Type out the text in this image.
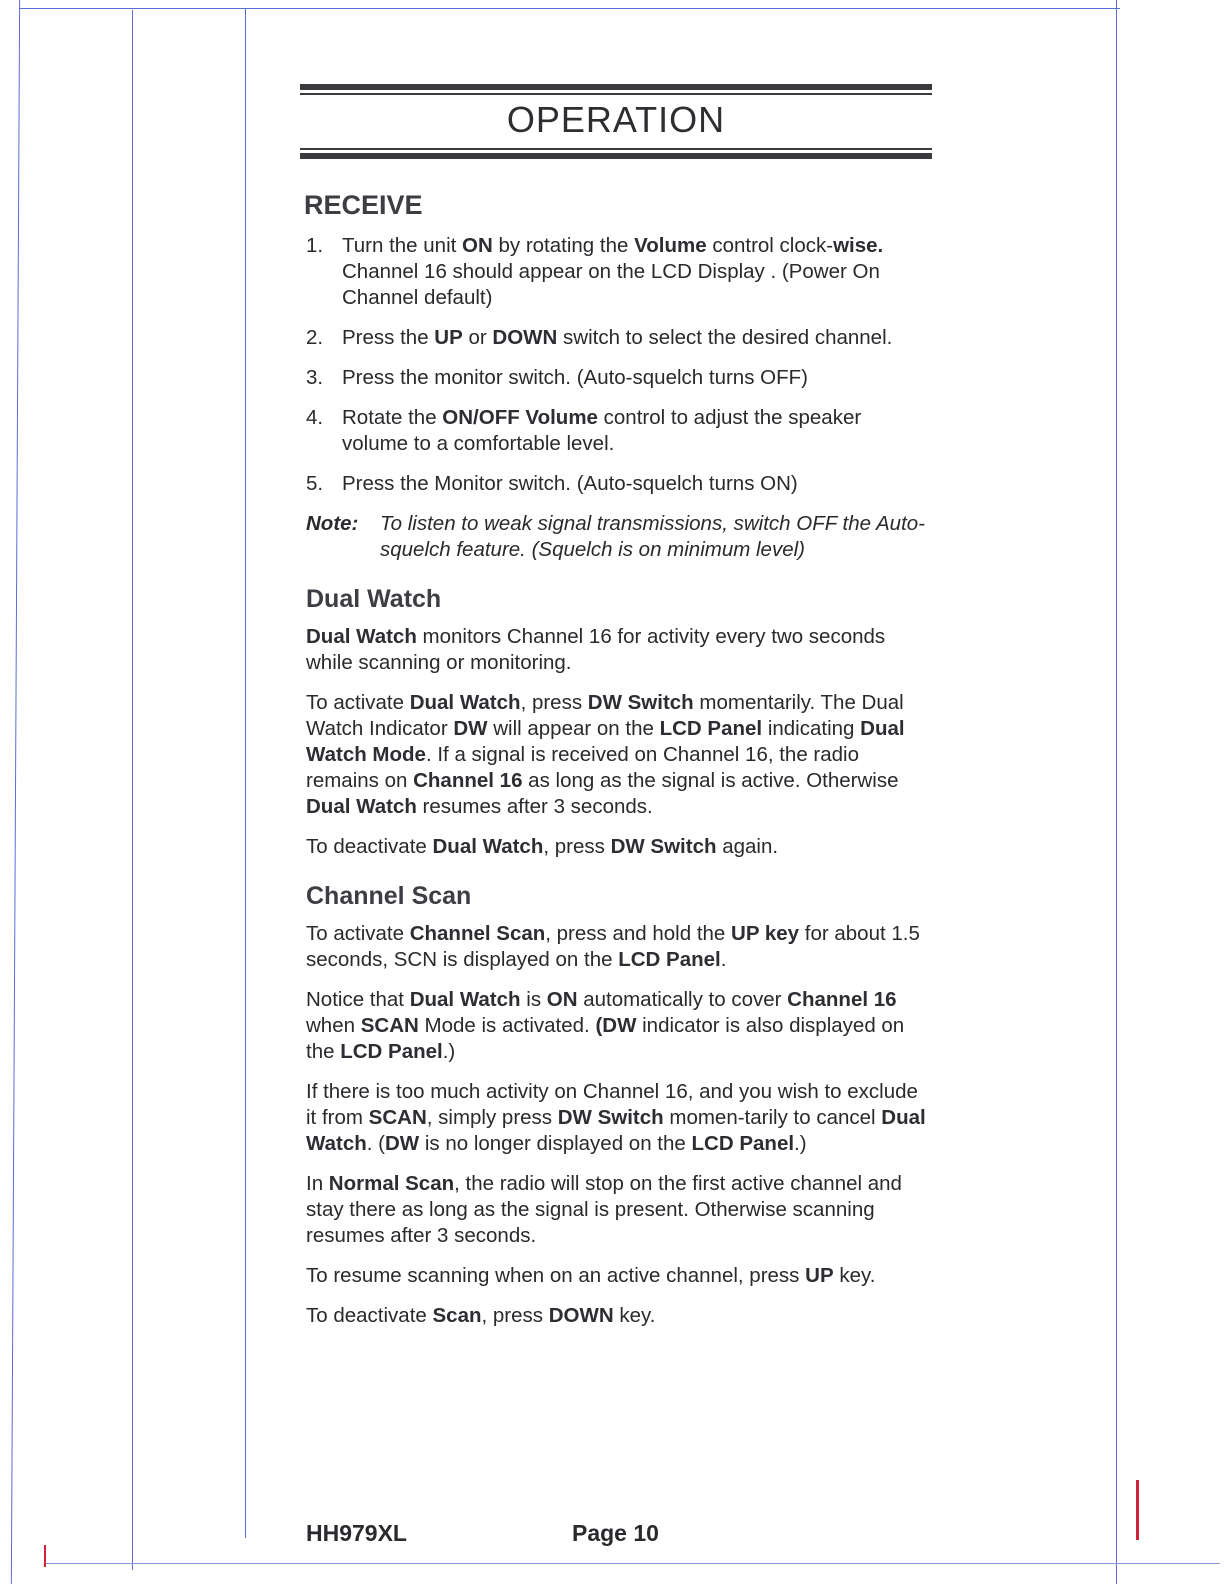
OPERATION
RECEIVE
1. Turn the unit ON by rotating the Volume control clock-wise. Channel 16 should appear on the LCD Display . (Power On Channel default)
2. Press the UP or DOWN switch to select the desired channel.
3. Press the monitor switch. (Auto-squelch turns OFF)
4. Rotate the ON/OFF Volume control to adjust the speaker volume to a comfortable level.
5. Press the Monitor switch. (Auto-squelch turns ON)
Note: To listen to weak signal transmissions, switch OFF the Auto-squelch feature. (Squelch is on minimum level)
Dual Watch

Dual Watch monitors Channel 16 for activity every two seconds while scanning or monitoring.

To activate Dual Watch, press DW Switch momentarily. The Dual Watch Indicator DW will appear on the LCD Panel indicating Dual Watch Mode. If a signal is received on Channel 16, the radio remains on Channel 16 as long as the signal is active. Otherwise Dual Watch resumes after 3 seconds.

To deactivate Dual Watch, press DW Switch again.

Channel Scan

To activate Channel Scan, press and hold the UP key for about 1.5 seconds, SCN is displayed on the LCD Panel.

Notice that Dual Watch is ON automatically to cover Channel 16 when SCAN Mode is activated. (DW indicator is also displayed on the LCD Panel.)

If there is too much activity on Channel 16, and you wish to exclude it from SCAN, simply press DW Switch momen-tarily to cancel Dual Watch. (DW is no longer displayed on the LCD Panel.)

In Normal Scan, the radio will stop on the first active channel and stay there as long as the signal is present. Otherwise scanning resumes after 3 seconds.

To resume scanning when on an active channel, press UP key.

To deactivate Scan, press DOWN key.

HH979XL	Page 10
